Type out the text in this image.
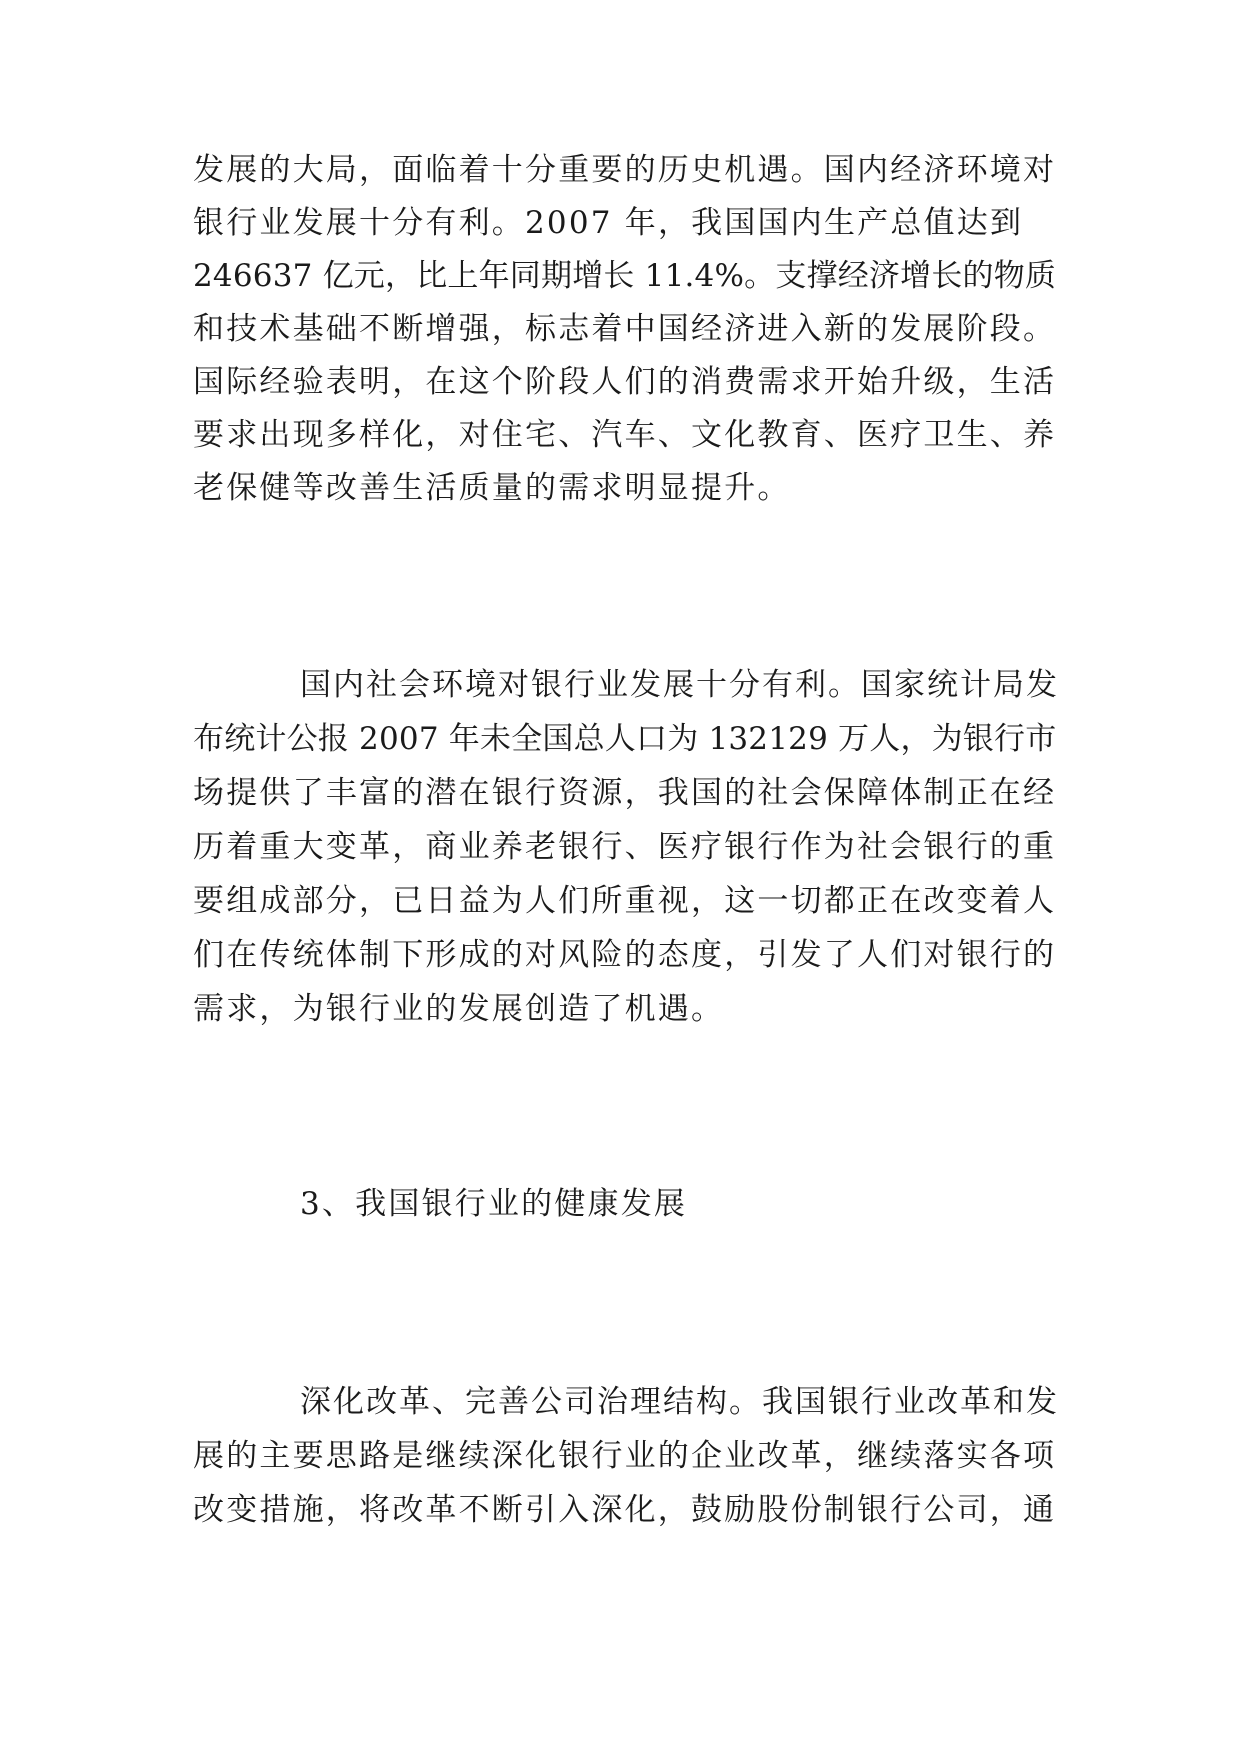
发展的大局，面临着十分重要的历史机遇。国内经济环境对
银行业发展十分有利。2007 年，我国国内生产总值达到
246637 亿元，比上年同期增长 11.4%。支撑经济增长的物质
和技术基础不断增强，标志着中国经济进入新的发展阶段。
国际经验表明，在这个阶段人们的消费需求开始升级，生活
要求出现多样化，对住宅、汽车、文化教育、医疗卫生、养
老保健等改善生活质量的需求明显提升。
国内社会环境对银行业发展十分有利。国家统计局发
布统计公报 2007 年未全国总人口为 132129 万人，为银行市
场提供了丰富的潜在银行资源，我国的社会保障体制正在经
历着重大变革，商业养老银行、医疗银行作为社会银行的重
要组成部分，已日益为人们所重视，这一切都正在改变着人
们在传统体制下形成的对风险的态度，引发了人们对银行的
需求，为银行业的发展创造了机遇。
3、我国银行业的健康发展
深化改革、完善公司治理结构。我国银行业改革和发
展的主要思路是继续深化银行业的企业改革，继续落实各项
改变措施，将改革不断引入深化，鼓励股份制银行公司，通
